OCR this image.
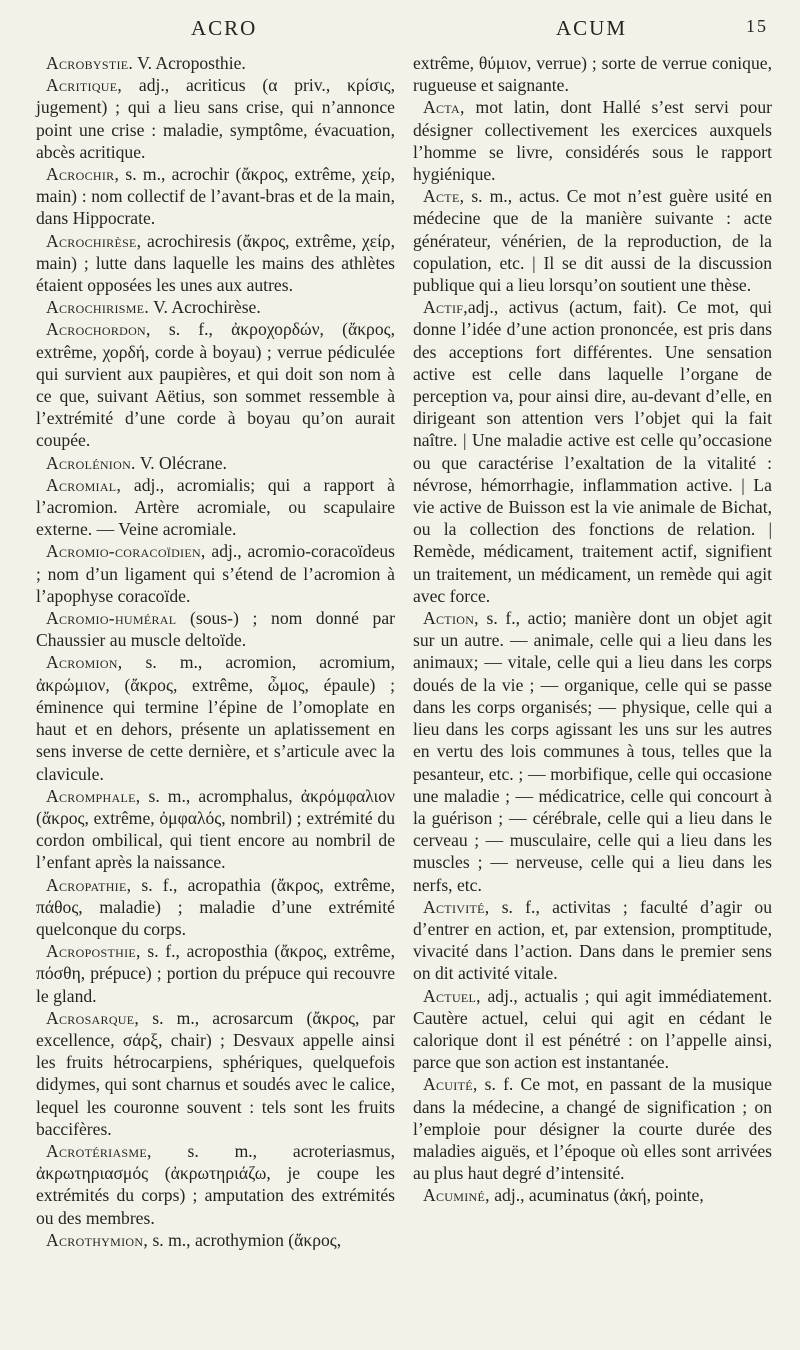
ACRO	ACUM	15

Acrobystie. V. Acroposthie.

Acritique, adj., acriticus (α priv., κρίσις, jugement) ; qui a lieu sans crise, qui n’annonce point une crise : maladie, symptôme, évacuation, abcès acritique.

Acrochir, s. m., acrochir (ἄκρος, extrême, χείρ, main) : nom collectif de l’avant-bras et de la main, dans Hippocrate.

Acrochirèse, acrochiresis (ἄκρος, extrême, χείρ, main) ; lutte dans laquelle les mains des athlètes étaient opposées les unes aux autres.

Acrochirisme. V. Acrochirèse.

Acrochordon, s. f., ἀκροχορδών, (ἄκρος, extrême, χορδή, corde à boyau) ; verrue pédiculée qui survient aux paupières, et qui doit son nom à ce que, suivant Aëtius, son sommet ressemble à l’extrémité d’une corde à boyau qu’on aurait coupée.

Acrolénion. V. Olécrane.

Acromial, adj., acromialis; qui a rapport à l’acromion. Artère acromiale, ou scapulaire externe. — Veine acromiale.

Acromio-coracoïdien, adj., acromio-coracoïdeus ; nom d’un ligament qui s’étend de l’acromion à l’apophyse coracoïde.

Acromio-huméral (sous-) ; nom donné par Chaussier au muscle deltoïde.

Acromion, s. m., acromion, acromium, ἀκρώμιον, (ἄκρος, extrême, ὦμος, épaule) ; éminence qui termine l’épine de l’omoplate en haut et en dehors, présente un aplatissement en sens inverse de cette dernière, et s’articule avec la clavicule.

Acromphale, s. m., acromphalus, ἀκρόμφαλιον (ἄκρος, extrême, ὀμφαλός, nombril) ; extrémité du cordon ombilical, qui tient encore au nombril de l’enfant après la naissance.

Acropathie, s. f., acropathia (ἄκρος, extrême, πάθος, maladie) ; maladie d’une extrémité quelconque du corps.

Acroposthie, s. f., acroposthia (ἄκρος, extrême, πόσθη, prépuce) ; portion du prépuce qui recouvre le gland.

Acrosarque, s. m., acrosarcum (ἄκρος, par excellence, σάρξ, chair) ; Desvaux appelle ainsi les fruits hétrocarpiens, sphériques, quelquefois didymes, qui sont charnus et soudés avec le calice, lequel les couronne souvent : tels sont les fruits baccifères.

Acrotériasme, s. m., acroteriasmus, ἀκρωτηριασμός (ἀκρωτηριάζω, je coupe les extrémités du corps) ; amputation des extrémités ou des membres.

Acrothymion, s. m., acrothymion (ἄκρος,

extrême, θύμιον, verrue) ; sorte de verrue conique, rugueuse et saignante.

Acta, mot latin, dont Hallé s’est servi pour désigner collectivement les exercices auxquels l’homme se livre, considérés sous le rapport hygiénique.

Acte, s. m., actus. Ce mot n’est guère usité en médecine que de la manière suivante : acte générateur, vénérien, de la reproduction, de la copulation, etc. | Il se dit aussi de la discussion publique qui a lieu lorsqu’on soutient une thèse.

Actif,adj., activus (actum, fait). Ce mot, qui donne l’idée d’une action prononcée, est pris dans des acceptions fort différentes. Une sensation active est celle dans laquelle l’organe de perception va, pour ainsi dire, au-devant d’elle, en dirigeant son attention vers l’objet qui la fait naître. | Une maladie active est celle qu’occasione ou que caractérise l’exaltation de la vitalité : névrose, hémorrhagie, inflammation active. | La vie active de Buisson est la vie animale de Bichat, ou la collection des fonctions de relation. | Remède, médicament, traitement actif, signifient un traitement, un médicament, un remède qui agit avec force.

Action, s. f., actio; manière dont un objet agit sur un autre. — animale, celle qui a lieu dans les animaux; — vitale, celle qui a lieu dans les corps doués de la vie ; — organique, celle qui se passe dans les corps organisés; — physique, celle qui a lieu dans les corps agissant les uns sur les autres en vertu des lois communes à tous, telles que la pesanteur, etc. ; — morbifique, celle qui occasione une maladie ; — médicatrice, celle qui concourt à la guérison ; — cérébrale, celle qui a lieu dans le cerveau ; — musculaire, celle qui a lieu dans les muscles ; — nerveuse, celle qui a lieu dans les nerfs, etc.

Activité, s. f., activitas ; faculté d’agir ou d’entrer en action, et, par extension, promptitude, vivacité dans l’action. Dans dans le premier sens on dit activité vitale.

Actuel, adj., actualis ; qui agit immédiatement. Cautère actuel, celui qui agit en cédant le calorique dont il est pénétré : on l’appelle ainsi, parce que son action est instantanée.

Acuité, s. f. Ce mot, en passant de la musique dans la médecine, a changé de signification ; on l’emploie pour désigner la courte durée des maladies aiguës, et l’époque où elles sont arrivées au plus haut degré d’intensité.

Acuminé, adj., acuminatus (ἀκή, pointe,
